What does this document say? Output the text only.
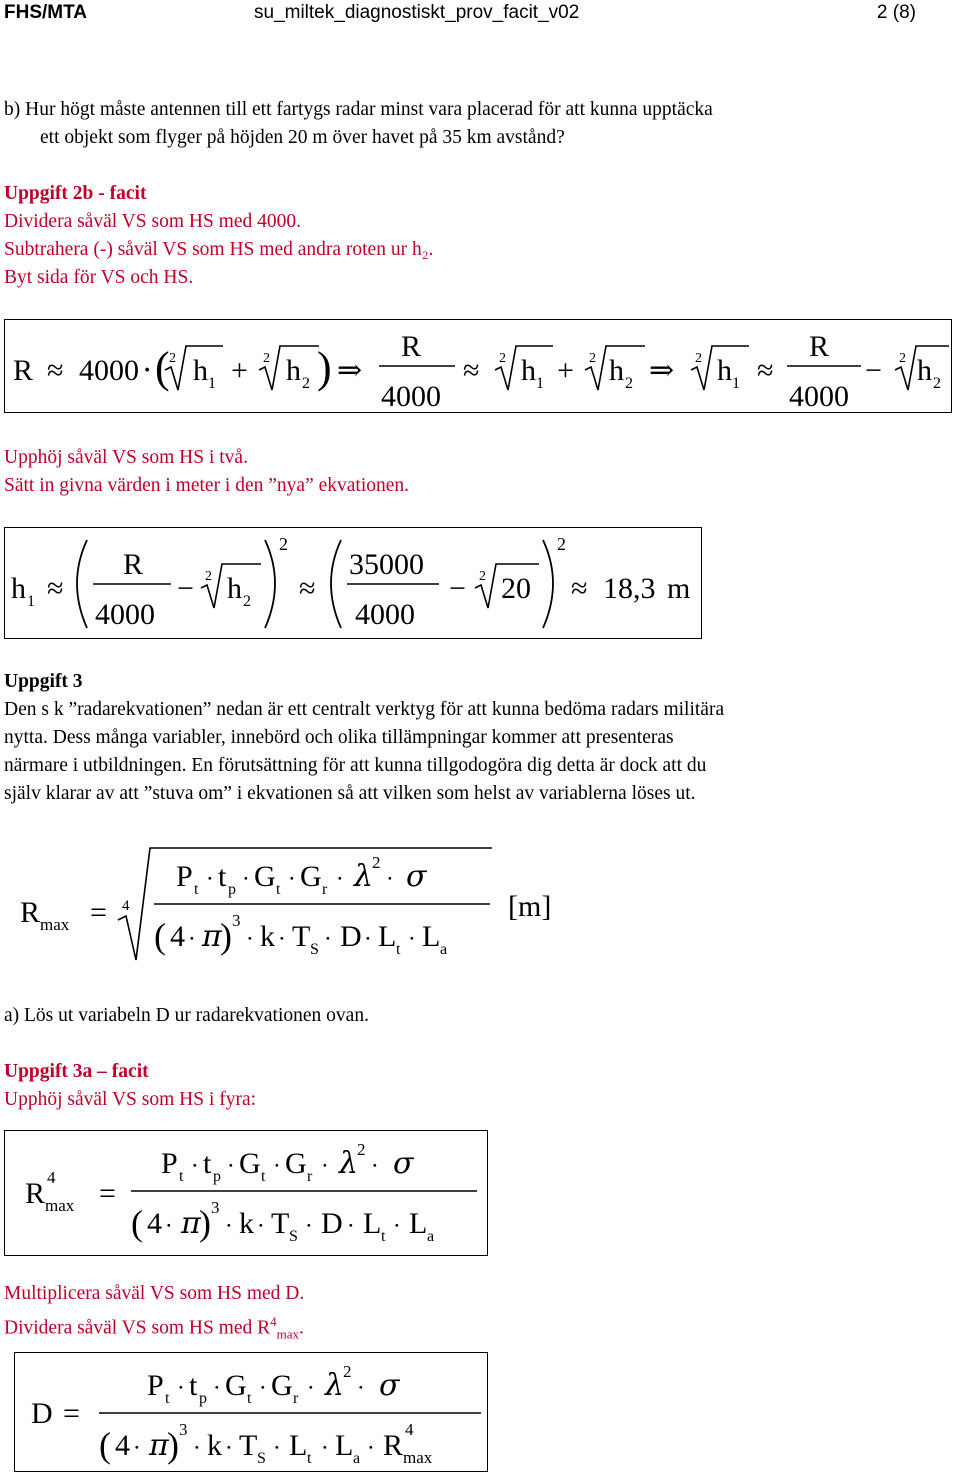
FHS/MTA	su_miltek_diagnostiskt_prov_facit_v02	2 (8)
b) Hur högt måste antennen till ett fartygs radar minst vara placerad för att kunna upptäcka
ett objekt som flyger på höjden 20 m över havet på 35 km avstånd?
Uppgift 2b - facit
Dividera såväl VS som HS med 4000.
Subtrahera (-) såväl VS som HS med andra roten ur h₂.
Byt sida för VS och HS.
R ≈ 4000 ⋅ ( 2 h 1 + 2 h 2 ) ⇒
R
4000
≈ 2 h 1 + 2 h 2 ⇒ 2 h 1 ≈
R
4000
− 2 h 2
Upphöj såväl VS som HS i två.
Sätt in givna värden i meter i den ”nya” ekvationen.
h 1 ≈
R
4000
− 2 h 2
2
≈
35000
4000
− 2 20
2
≈ 18,3 m
Uppgift 3
Den s k ”radarekvationen” nedan är ett centralt verktyg för att kunna bedöma radars militära
nytta. Dess många variabler, innebörd och olika tillämpningar kommer att presenteras
närmare i utbildningen. En förutsättning för att kunna tillgodogöra dig detta är dock att du
själv klarar av att ”stuva om” i ekvationen så att vilken som helst av variablerna löses ut.
R max = 4
P t ⋅ t p ⋅ G t ⋅ G r ⋅ λ
2
⋅ σ
( 4 ⋅ π
) 3
⋅ k ⋅ T S ⋅ D ⋅ L t ⋅ L a
[m]
a) Lös ut variabeln D ur radarekvationen ovan.
Uppgift 3a – facit
Upphöj såväl VS som HS i fyra:
R 4
max =
P t ⋅ t p ⋅ G t ⋅ G r ⋅ λ
2
⋅ σ
( 4 ⋅ π
) 3
⋅ k ⋅ T S ⋅ D ⋅ L t ⋅ L a
Multiplicera såväl VS som HS med D.
Dividera såväl VS som HS med $R^4_{max}$.
D =
P t ⋅ t p ⋅ G t ⋅ G r ⋅ λ
2
⋅ σ
( 4 ⋅ π
) 3
⋅ k ⋅ T S ⋅ L t ⋅ L a ⋅ R 4
max
